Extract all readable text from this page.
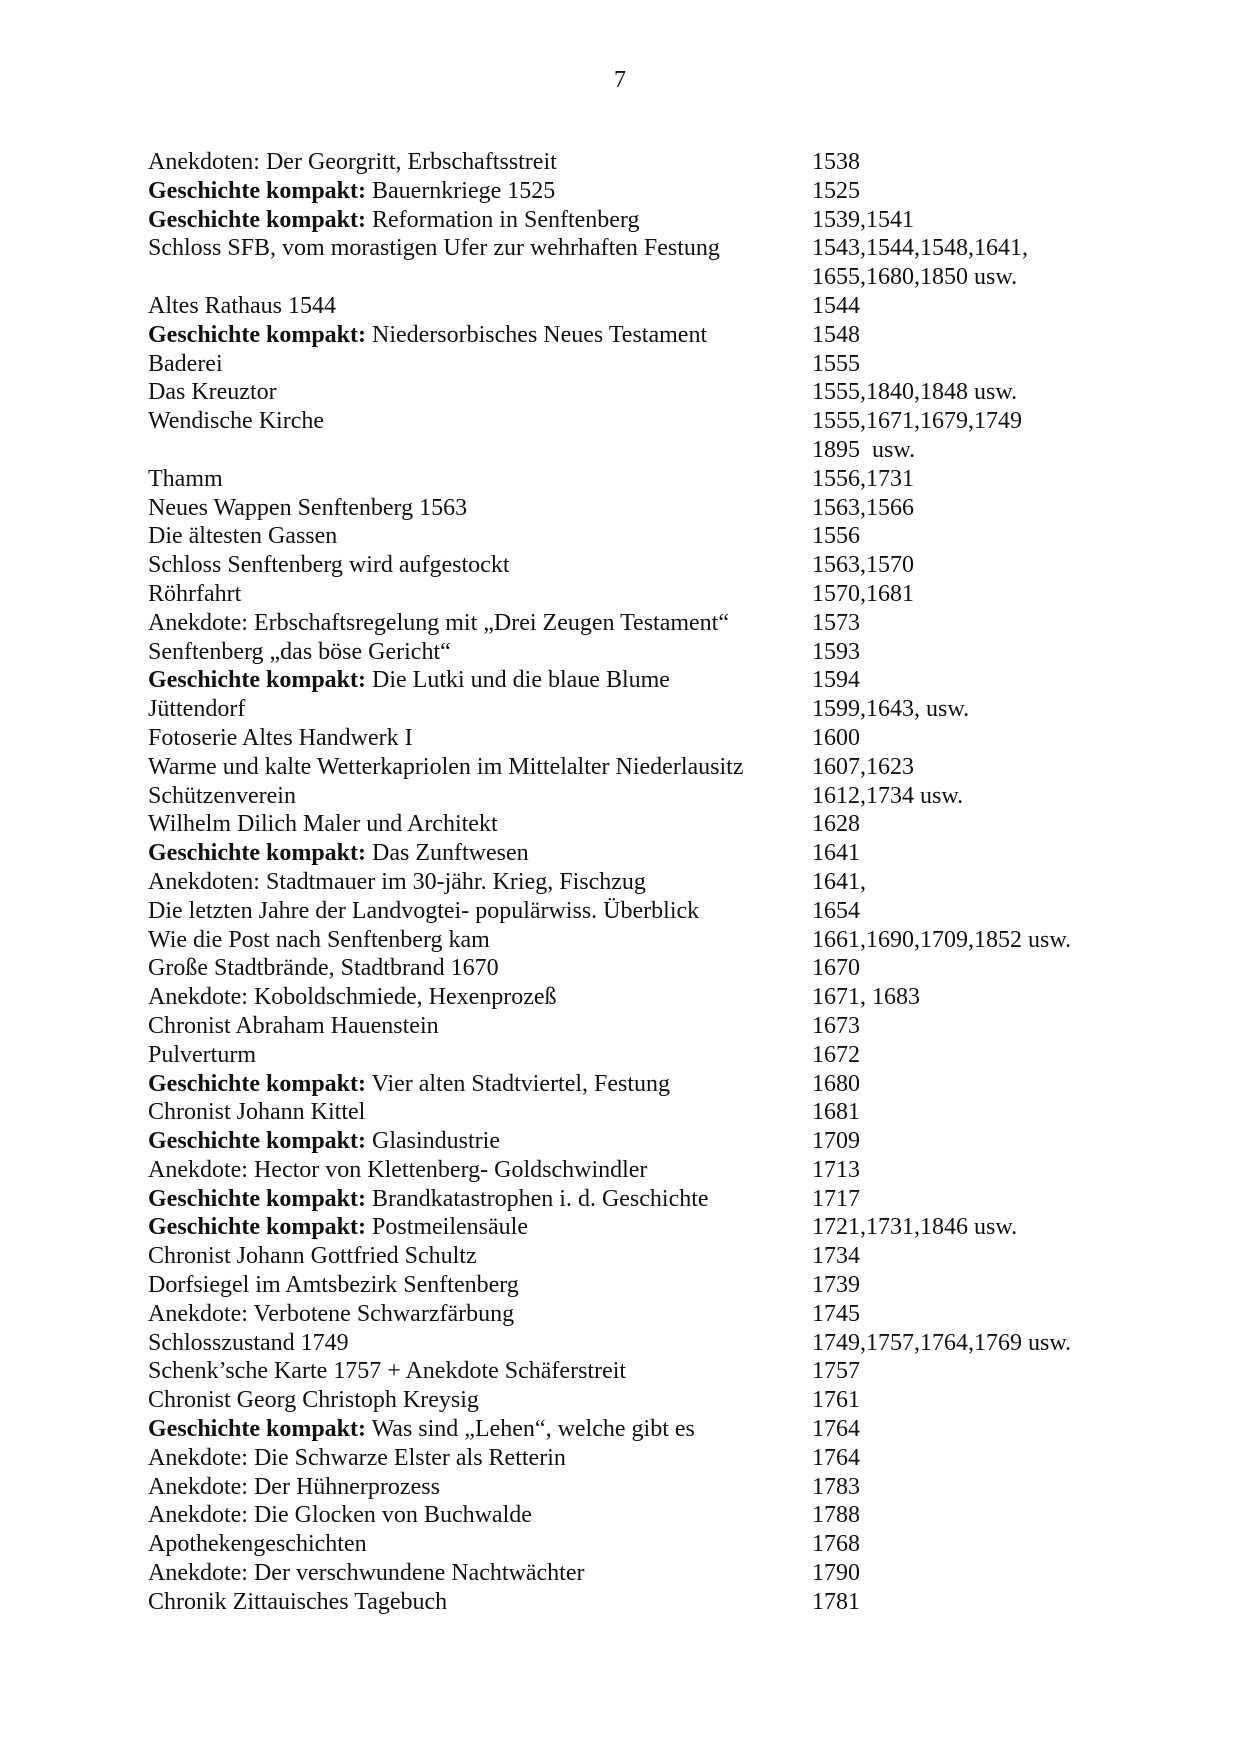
7
Anekdoten: Der Georgritt, Erbschaftsstreit	1538
Geschichte kompakt: Bauernkriege 1525	1525
Geschichte kompakt: Reformation in Senftenberg	1539,1541
Schloss SFB, vom morastigen Ufer zur wehrhaften Festung	1543,1544,1548,1641,
1655,1680,1850 usw.
Altes Rathaus 1544	1544
Geschichte kompakt: Niedersorbisches Neues Testament	1548
Baderei	1555
Das Kreuztor	1555,1840,1848 usw.
Wendische Kirche	1555,1671,1679,1749
1895  usw.
Thamm	1556,1731
Neues Wappen Senftenberg 1563	1563,1566
Die ältesten Gassen	1556
Schloss Senftenberg wird aufgestockt	1563,1570
Röhrfahrt	1570,1681
Anekdote: Erbschaftsregelung mit „Drei Zeugen Testament“	1573
Senftenberg „das böse Gericht“	1593
Geschichte kompakt: Die Lutki und die blaue Blume	1594
Jüttendorf	1599,1643, usw.
Fotoserie Altes Handwerk I	1600
Warme und kalte Wetterkapriolen im Mittelalter Niederlausitz	1607,1623
Schützenverein	1612,1734 usw.
Wilhelm Dilich Maler und Architekt	1628
Geschichte kompakt: Das Zunftwesen	1641
Anekdoten: Stadtmauer im 30-jähr. Krieg, Fischzug	1641,
Die letzten Jahre der Landvogtei- populärwiss. Überblick	1654
Wie die Post nach Senftenberg kam	1661,1690,1709,1852 usw.
Große Stadtbrände, Stadtbrand 1670	1670
Anekdote: Koboldschmiede, Hexenprozeß	1671, 1683
Chronist Abraham Hauenstein	1673
Pulverturm	1672
Geschichte kompakt: Vier alten Stadtviertel, Festung	1680
Chronist Johann Kittel	1681
Geschichte kompakt: Glasindustrie	1709
Anekdote: Hector von Klettenberg- Goldschwindler	1713
Geschichte kompakt: Brandkatastrophen i. d. Geschichte	1717
Geschichte kompakt: Postmeilensäule	1721,1731,1846 usw.
Chronist Johann Gottfried Schultz	1734
Dorfsiegel im Amtsbezirk Senftenberg	1739
Anekdote: Verbotene Schwarzfärbung	1745
Schlosszustand 1749	1749,1757,1764,1769 usw.
Schenk’sche Karte 1757 + Anekdote Schäferstreit	1757
Chronist Georg Christoph Kreysig	1761
Geschichte kompakt: Was sind „Lehen“, welche gibt es	1764
Anekdote: Die Schwarze Elster als Retterin	1764
Anekdote: Der Hühnerprozess	1783
Anekdote: Die Glocken von Buchwalde	1788
Apothekengeschichten	1768
Anekdote: Der verschwundene Nachtwächter	1790
Chronik Zittauisches Tagebuch	1781
